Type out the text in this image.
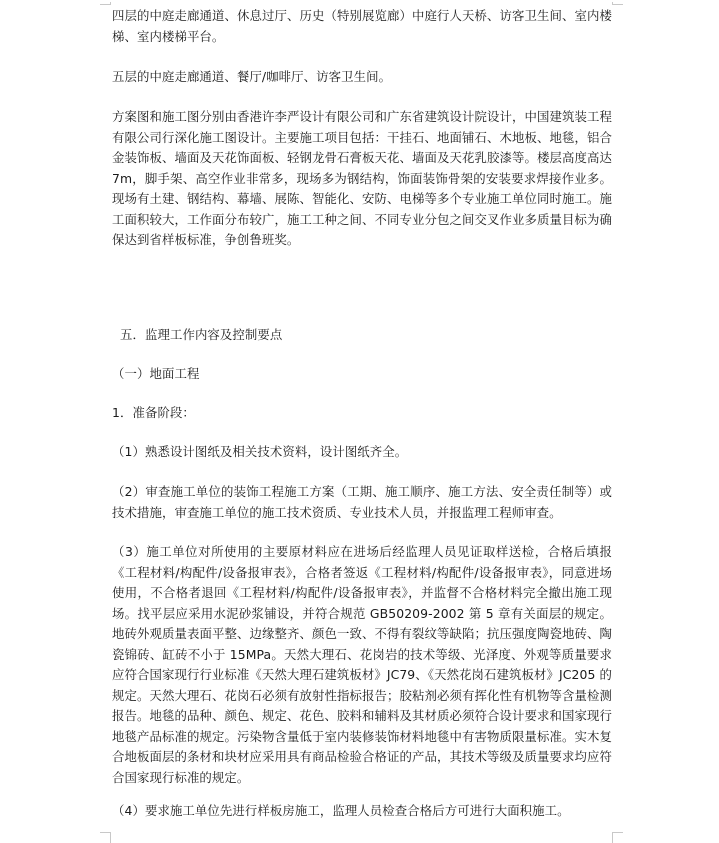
四层的中庭走廊通道、休息过厅、历史（特别展览廊）中庭行人天桥、访客卫生间、室内楼梯、室内楼梯平台。

五层的中庭走廊通道、餐厅/咖啡厅、访客卫生间。

方案图和施工图分别由香港许李严设计有限公司和广东省建筑设计院设计，中国建筑装工程有限公司行深化施工图设计。主要施工项目包括：干挂石、地面铺石、木地板、地毯，铝合金装饰板、墙面及天花饰面板、轻钢龙骨石膏板天花、墙面及天花乳胶漆等。楼层高度高达7m，脚手架、高空作业非常多，现场多为钢结构，饰面装饰骨架的安装要求焊接作业多。现场有土建、钢结构、幕墙、展陈、智能化、安防、电梯等多个专业施工单位同时施工。施工面积较大，工作面分布较广，施工工种之间、不同专业分包之间交叉作业多质量目标为确保达到省样板标准，争创鲁班奖。

五．监理工作内容及控制要点

（一）地面工程

1．准备阶段：

（1）熟悉设计图纸及相关技术资料，设计图纸齐全。

（2）审查施工单位的装饰工程施工方案（工期、施工顺序、施工方法、安全责任制等）或技术措施，审查施工单位的施工技术资质、专业技术人员，并报监理工程师审查。

（3）施工单位对所使用的主要原材料应在进场后经监理人员见证取样送检，合格后填报《工程材料/构配件/设备报审表》，合格者签返《工程材料/构配件/设备报审表》，同意进场使用，不合格者退回《工程材料/构配件/设备报审表》，并监督不合格材料完全撤出施工现场。找平层应采用水泥砂浆铺设，并符合规范 GB50209-2002 第 5 章有关面层的规定。地砖外观质量表面平整、边缘整齐、颜色一致、不得有裂纹等缺陷；抗压强度陶瓷地砖、陶瓷锦砖、缸砖不小于 15MPa。天然大理石、花岗岩的技术等级、光泽度、外观等质量要求应符合国家现行行业标准《天然大理石建筑板材》JC79、《天然花岗石建筑板材》JC205 的规定。天然大理石、花岗石必须有放射性指标报告；胶粘剂必须有挥化性有机物等含量检测报告。地毯的品种、颜色、规定、花色、胶料和辅料及其材质必须符合设计要求和国家现行地毯产品标准的规定。污染物含量低于室内装修装饰材料地毯中有害物质限量标准。实木复合地板面层的条材和块材应采用具有商品检验合格证的产品，其技术等级及质量要求均应符合国家现行标准的规定。

（4）要求施工单位先进行样板房施工，监理人员检查合格后方可进行大面积施工。
